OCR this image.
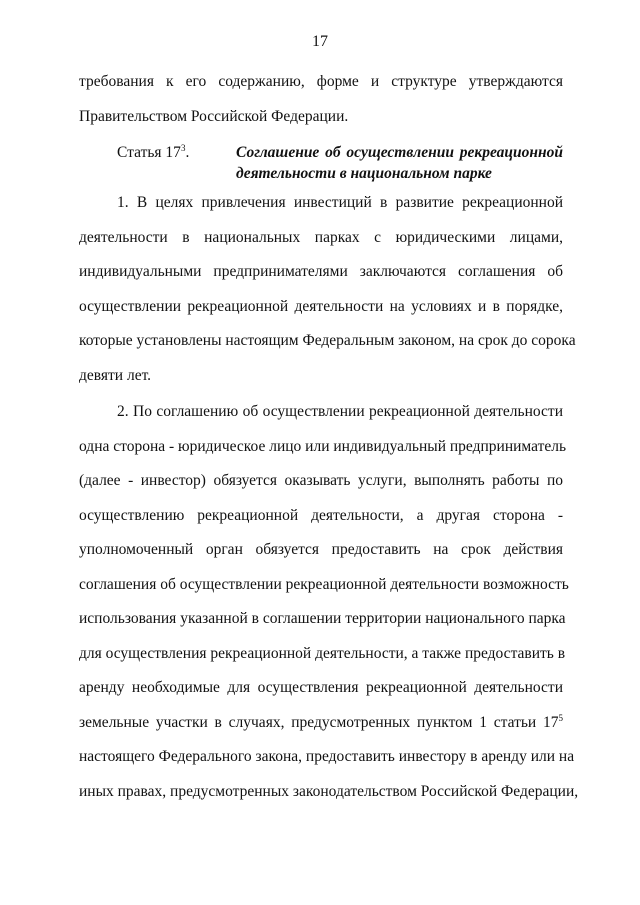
17
требования к его содержанию, форме и структуре утверждаются
Правительством Российской Федерации.
Статья $17^3$.	Соглашение об осуществлении рекреационной
деятельности в национальном парке
1. В целях привлечения инвестиций в развитие рекреационной
деятельности в национальных парках с юридическими лицами,
индивидуальными предпринимателями заключаются соглашения об
осуществлении рекреационной деятельности на условиях и в порядке,
которые установлены настоящим Федеральным законом, на срок до сорока
девяти лет.
2. По соглашению об осуществлении рекреационной деятельности
одна сторона - юридическое лицо или индивидуальный предприниматель
(далее - инвестор) обязуется оказывать услуги, выполнять работы по
осуществлению рекреационной деятельности, а другая сторона -
уполномоченный орган обязуется предоставить на срок действия
соглашения об осуществлении рекреационной деятельности возможность
использования указанной в соглашении территории национального парка
для осуществления рекреационной деятельности, а также предоставить в
аренду необходимые для осуществления рекреационной деятельности
земельные участки в случаях, предусмотренных пунктом 1 статьи $17^5$
настоящего Федерального закона, предоставить инвестору в аренду или на
иных правах, предусмотренных законодательством Российской Федерации,
